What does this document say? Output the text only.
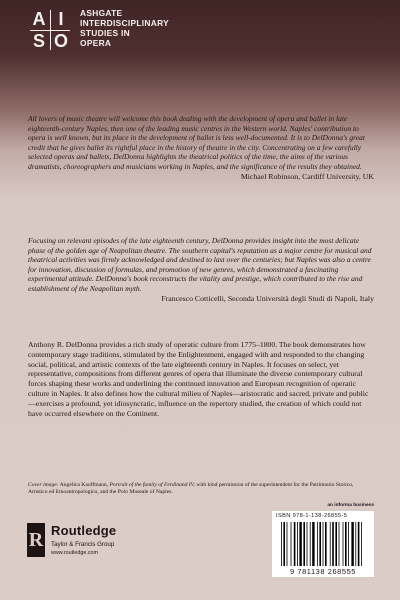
A I
S O
ASHGATE
INTERDISCIPLINARY
STUDIES IN
OPERA
All lovers of music theatre will welcome this book dealing with the development of opera and ballet in late eighteenth-century Naples, then one of the leading music centres in the Western world. Naples' contribution to opera is well known, but its place in the development of ballet is less well-documented. It is to DelDonna's great credit that he gives ballet its rightful place in the history of theatre in the city. Concentrating on a few carefully selected operas and ballets, DelDonna highlights the theatrical politics of the time, the aims of the various dramatists, choreographers and musicians working in Naples, and the significance of the results they obtained.
Michael Robinson, Cardiff University, UK
Focusing on relevant episodes of the late eighteenth century, DelDonna provides insight into the most delicate phase of the golden age of Neapolitan theatre. The southern capital's reputation as a major centre for musical and theatrical activities was firmly acknowledged and destined to last over the centuries; but Naples was also a centre for innovation, discussion of formulas, and promotion of new genres, which demonstrated a fascinating experimental attitude. DelDonna's book reconstructs the vitality and prestige, which contributed to the rise and establishment of the Neapolitan myth.
Francesco Cotticelli, Seconda Università degli Studi di Napoli, Italy
Anthony R. DelDonna provides a rich study of operatic culture from 1775–1800. The book demonstrates how contemporary stage traditions, stimulated by the Enlightenment, engaged with and responded to the changing social, political, and artistic contexts of the late eighteenth century in Naples. It focuses on select, yet representative, compositions from different genres of opera that illuminate the diverse contemporary cultural forces shaping these works and underlining the continued innovation and European recognition of operatic culture in Naples. It also defines how the cultural milieu of Naples—aristocratic and sacred, private and public—exercises a profound, yet idiosyncratic, influence on the repertory studied, the creation of which could not have occurred elsewhere on the Continent.
Cover image: Angelica Kauffmann, Portrait of the family of Ferdinand IV, with kind permission of the superintendent for the Patrimonio Storico, Artistico ed Etnoantropologico, and the Polo Museale of Naples.
an informa business
R Routledge
Taylor & Francis Group
www.routledge.com
ISBN 978-1-138-26855-5
9 781138 268555
